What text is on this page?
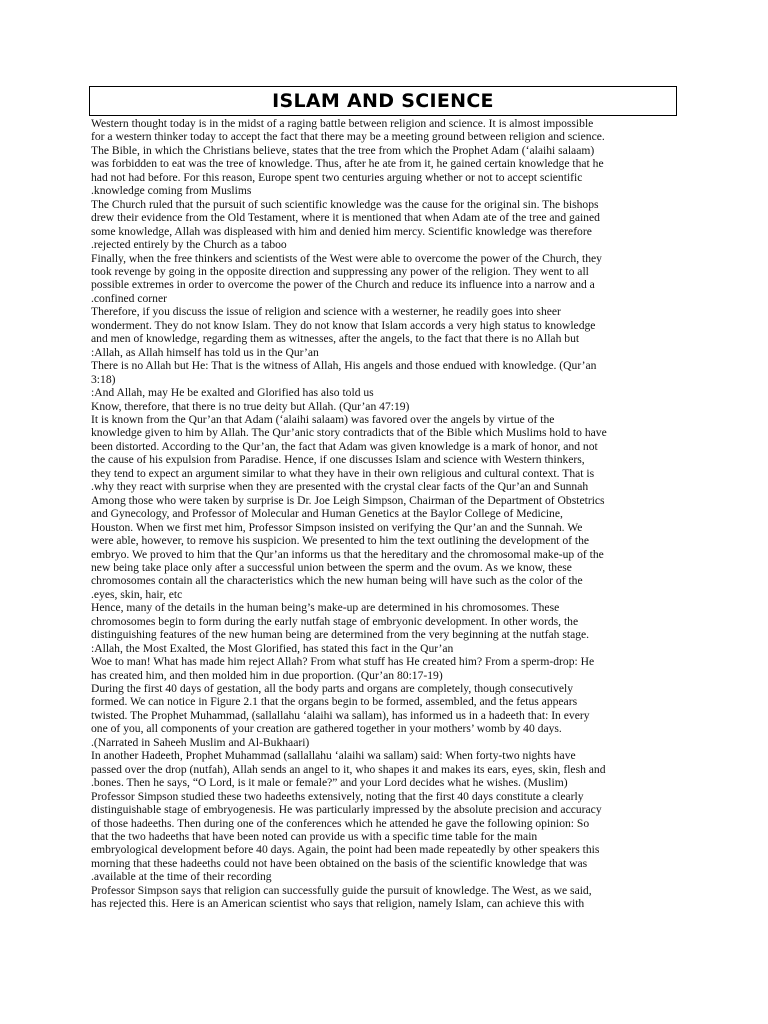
ISLAM AND SCIENCE
Western thought today is in the midst of a raging battle between religion and science. It is almost impossible
for a western thinker today to accept the fact that there may be a meeting ground between religion and science.
The Bible, in which the Christians believe, states that the tree from which the Prophet Adam (‘alaihi salaam)
was forbidden to eat was the tree of knowledge. Thus, after he ate from it, he gained certain knowledge that he
had not had before. For this reason, Europe spent two centuries arguing whether or not to accept scientific
.knowledge coming from Muslims
The Church ruled that the pursuit of such scientific knowledge was the cause for the original sin. The bishops
drew their evidence from the Old Testament, where it is mentioned that when Adam ate of the tree and gained
some knowledge, Allah was displeased with him and denied him mercy. Scientific knowledge was therefore
.rejected entirely by the Church as a taboo
Finally, when the free thinkers and scientists of the West were able to overcome the power of the Church, they
took revenge by going in the opposite direction and suppressing any power of the religion. They went to all
possible extremes in order to overcome the power of the Church and reduce its influence into a narrow and a
.confined corner
Therefore, if you discuss the issue of religion and science with a westerner, he readily goes into sheer
wonderment. They do not know Islam. They do not know that Islam accords a very high status to knowledge
and men of knowledge, regarding them as witnesses, after the angels, to the fact that there is no Allah but
:Allah, as Allah himself has told us in the Qur’an
There is no Allah but He: That is the witness of Allah, His angels and those endued with knowledge. (Qur’an
3:18)
:And Allah, may He be exalted and Glorified has also told us
Know, therefore, that there is no true deity but Allah. (Qur’an 47:19)
It is known from the Qur’an that Adam (‘alaihi salaam) was favored over the angels by virtue of the
knowledge given to him by Allah. The Qur’anic story contradicts that of the Bible which Muslims hold to have
been distorted. According to the Qur’an, the fact that Adam was given knowledge is a mark of honor, and not
the cause of his expulsion from Paradise. Hence, if one discusses Islam and science with Western thinkers,
they tend to expect an argument similar to what they have in their own religious and cultural context. That is
.why they react with surprise when they are presented with the crystal clear facts of the Qur’an and Sunnah
Among those who were taken by surprise is Dr. Joe Leigh Simpson, Chairman of the Department of Obstetrics
and Gynecology, and Professor of Molecular and Human Genetics at the Baylor College of Medicine,
Houston. When we first met him, Professor Simpson insisted on verifying the Qur’an and the Sunnah. We
were able, however, to remove his suspicion. We presented to him the text outlining the development of the
embryo. We proved to him that the Qur’an informs us that the hereditary and the chromosomal make-up of the
new being take place only after a successful union between the sperm and the ovum. As we know, these
chromosomes contain all the characteristics which the new human being will have such as the color of the
.eyes, skin, hair, etc
Hence, many of the details in the human being’s make-up are determined in his chromosomes. These
chromosomes begin to form during the early nutfah stage of embryonic development. In other words, the
distinguishing features of the new human being are determined from the very beginning at the nutfah stage.
:Allah, the Most Exalted, the Most Glorified, has stated this fact in the Qur’an
Woe to man! What has made him reject Allah? From what stuff has He created him? From a sperm-drop: He
has created him, and then molded him in due proportion. (Qur’an 80:17-19)
During the first 40 days of gestation, all the body parts and organs are completely, though consecutively
formed. We can notice in Figure 2.1 that the organs begin to be formed, assembled, and the fetus appears
twisted. The Prophet Muhammad, (sallallahu ‘alaihi wa sallam), has informed us in a hadeeth that: In every
one of you, all components of your creation are gathered together in your mothers’ womb by 40 days.
.(Narrated in Saheeh Muslim and Al-Bukhaari)
In another Hadeeth, Prophet Muhammad (sallallahu ‘alaihi wa sallam) said: When forty-two nights have
passed over the drop (nutfah), Allah sends an angel to it, who shapes it and makes its ears, eyes, skin, flesh and
.bones. Then he says, “O Lord, is it male or female?” and your Lord decides what he wishes. (Muslim)
Professor Simpson studied these two hadeeths extensively, noting that the first 40 days constitute a clearly
distinguishable stage of embryogenesis. He was particularly impressed by the absolute precision and accuracy
of those hadeeths. Then during one of the conferences which he attended he gave the following opinion: So
that the two hadeeths that have been noted can provide us with a specific time table for the main
embryological development before 40 days. Again, the point had been made repeatedly by other speakers this
morning that these hadeeths could not have been obtained on the basis of the scientific knowledge that was
.available at the time of their recording
Professor Simpson says that religion can successfully guide the pursuit of knowledge. The West, as we said,
has rejected this. Here is an American scientist who says that religion, namely Islam, can achieve this with
